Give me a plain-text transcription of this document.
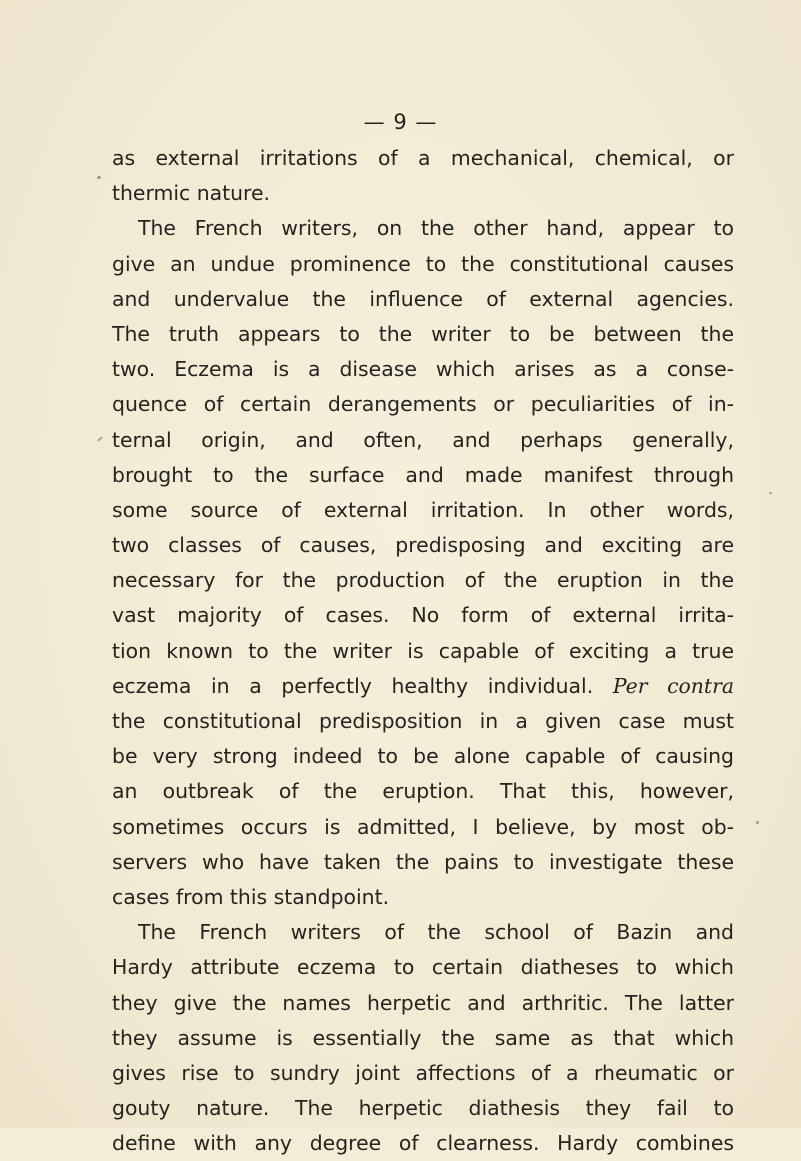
— 9 —
as external irritations of a mechanical, chemical, or
thermic nature.
The French writers, on the other hand, appear to
give an undue prominence to the constitutional causes
and undervalue the influence of external agencies.
The truth appears to the writer to be between the
two. Eczema is a disease which arises as a conse-
quence of certain derangements or peculiarities of in-
ternal origin, and often, and perhaps generally,
brought to the surface and made manifest through
some source of external irritation. In other words,
two classes of causes, predisposing and exciting are
necessary for the production of the eruption in the
vast majority of cases. No form of external irrita-
tion known to the writer is capable of exciting a true
eczema in a perfectly healthy individual. Per contra
the constitutional predisposition in a given case must
be very strong indeed to be alone capable of causing
an outbreak of the eruption. That this, however,
sometimes occurs is admitted, I believe, by most ob-
servers who have taken the pains to investigate these
cases from this standpoint.
The French writers of the school of Bazin and
Hardy attribute eczema to certain diatheses to which
they give the names herpetic and arthritic. The latter
they assume is essentially the same as that which
gives rise to sundry joint affections of a rheumatic or
gouty nature. The herpetic diathesis they fail to
define with any degree of clearness. Hardy combines
